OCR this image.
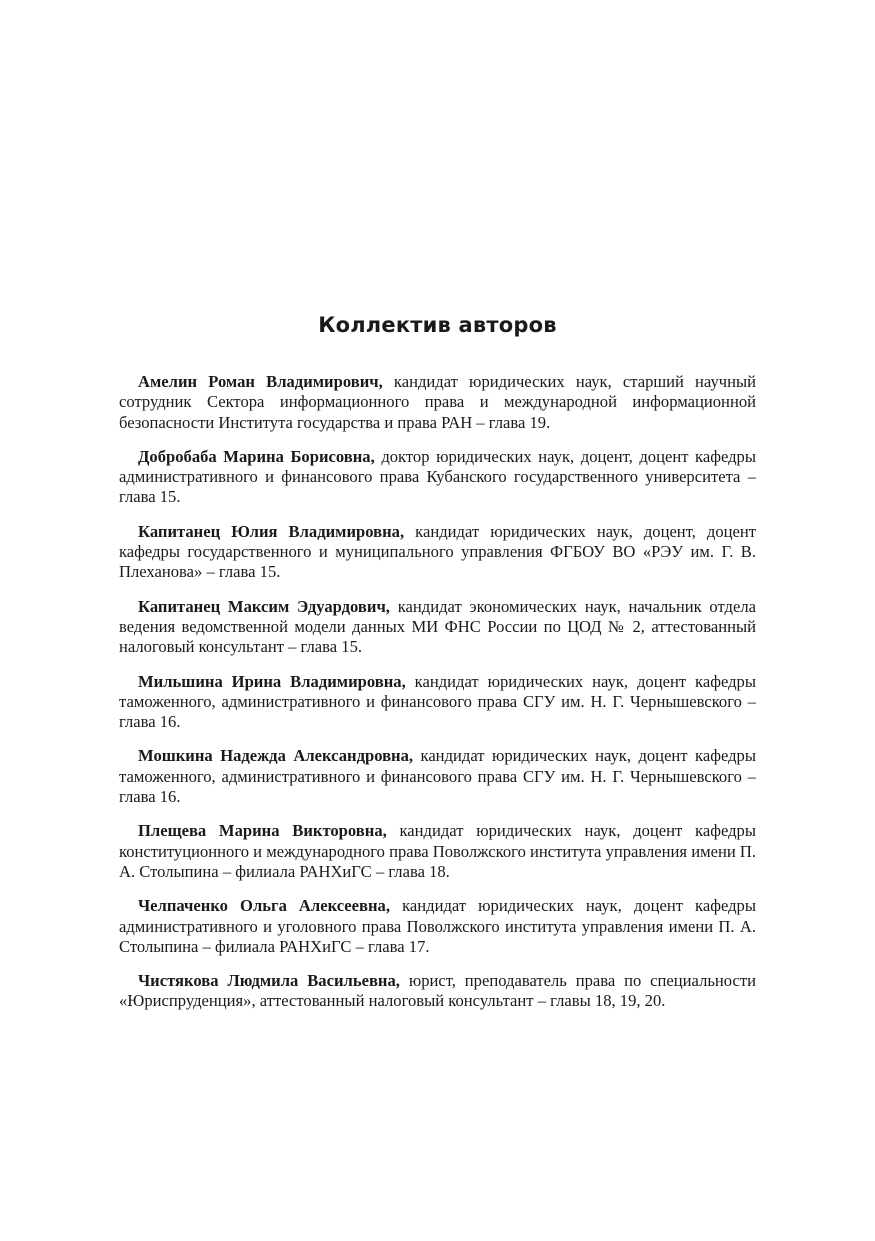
Коллектив авторов

Амелин Роман Владимирович, кандидат юридических наук, старший научный сотрудник Сектора информационного права и международной информационной безопасности Института государства и права РАН – глава 19.

Добробаба Марина Борисовна, доктор юридических наук, доцент, доцент кафедры административного и финансового права Кубанского государственного университета – глава 15.

Капитанец Юлия Владимировна, кандидат юридических наук, доцент, доцент кафедры государственного и муниципального управления ФГБОУ ВО «РЭУ им. Г. В. Плеханова» – глава 15.

Капитанец Максим Эдуардович, кандидат экономических наук, начальник отдела ведения ведомственной модели данных МИ ФНС России по ЦОД № 2, аттестованный налоговый консультант – глава 15.

Мильшина Ирина Владимировна, кандидат юридических наук, доцент кафедры таможенного, административного и финансового права СГУ им. Н. Г. Чернышевского – глава 16.

Мошкина Надежда Александровна, кандидат юридических наук, доцент кафедры таможенного, административного и финансового права СГУ им. Н. Г. Чернышевского – глава 16.

Плещева Марина Викторовна, кандидат юридических наук, доцент кафедры конституционного и международного права Поволжского института управления имени П. А. Столыпина – филиала РАНХиГС – глава 18.

Челпаченко Ольга Алексеевна, кандидат юридических наук, доцент кафедры административного и уголовного права Поволжского института управления имени П. А. Столыпина – филиала РАНХиГС – глава 17.

Чистякова Людмила Васильевна, юрист, преподаватель права по специальности «Юриспруденция», аттестованный налоговый консультант – главы 18, 19, 20.
